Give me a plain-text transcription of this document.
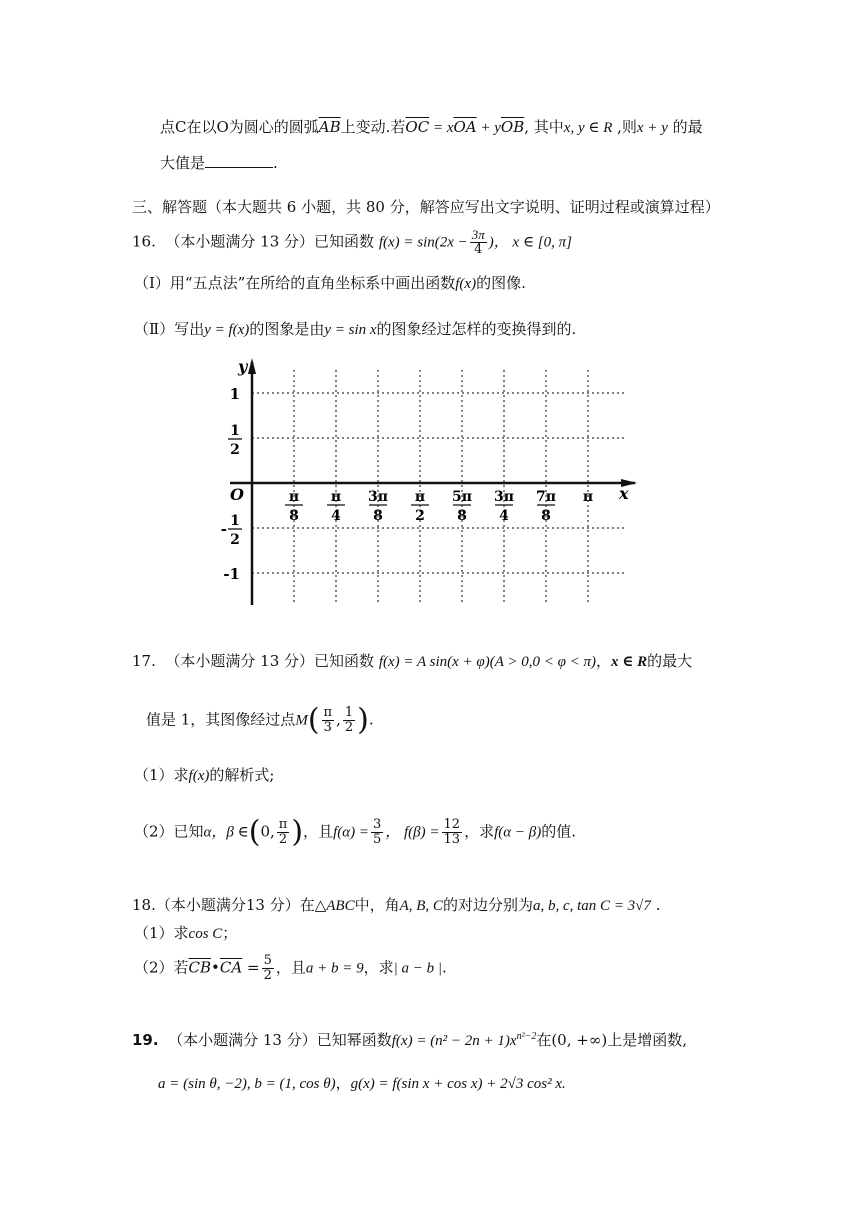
点C在以O为圆心的圆弧$\overline{AB}$上变动.若$\overline{OC} = x\overline{OA} + y\overline{OB}$, 其中x, y ∈ R ,则x + y 的最
大值是	.
三、解答题（本大题共 6 小题，共 80 分，解答应写出文字说明、证明过程或演算过程）
16. （本小题满分 13 分）已知函数 $f(x) = \sin(2x - \frac{3\pi}{4}$ )， x ∈ [0, π]
（Ⅰ）用“五点法”在所给的直角坐标系中画出函数f(x)的图像.
（Ⅱ）写出y = f(x)的图象是由y = sin x的图象经过怎样的变换得到的.
y
x
O	π
8
π
4
3π
8
π
2
5π
8
3π
4
7π
8
π
1
1
2
- 1
2
-1
17. （本小题满分 13 分）已知函数 f(x) = A sin(x + φ)(A > 0,0 < φ < π)，x ∈ R的最大
值是 1，其图像经过点$M( \frac{\pi}{3}$ , $\frac{1}{2}$ ).
（1）求f(x)的解析式;
（2）已知α，β ∈(0, $\frac{\pi}{2}$ )，且$f(\alpha) = \frac{3}{5}$ ， $f(\beta) = \frac{12}{13}$ ，求f(α − β)的值.
18.（本小题满分13 分）在△ABC中，角A, B, C的对边分别为a, b, c, tan C = 3√7 .
（1）求cos C；
（2）若$\overline{CB}•\overline{CA} = \frac{5}{2}$ ，且a + b = 9，求| a − b |.
19. （本小题满分 13 分）已知幂函数$f(x) = (n^2 - 2n + 1)x^{n^2-2}$在(0, +∞)上是增函数,
a = (sin θ, −2), b = (1, cos θ)，g(x) = f(sin x + cos x) + 2√3 cos² x.
